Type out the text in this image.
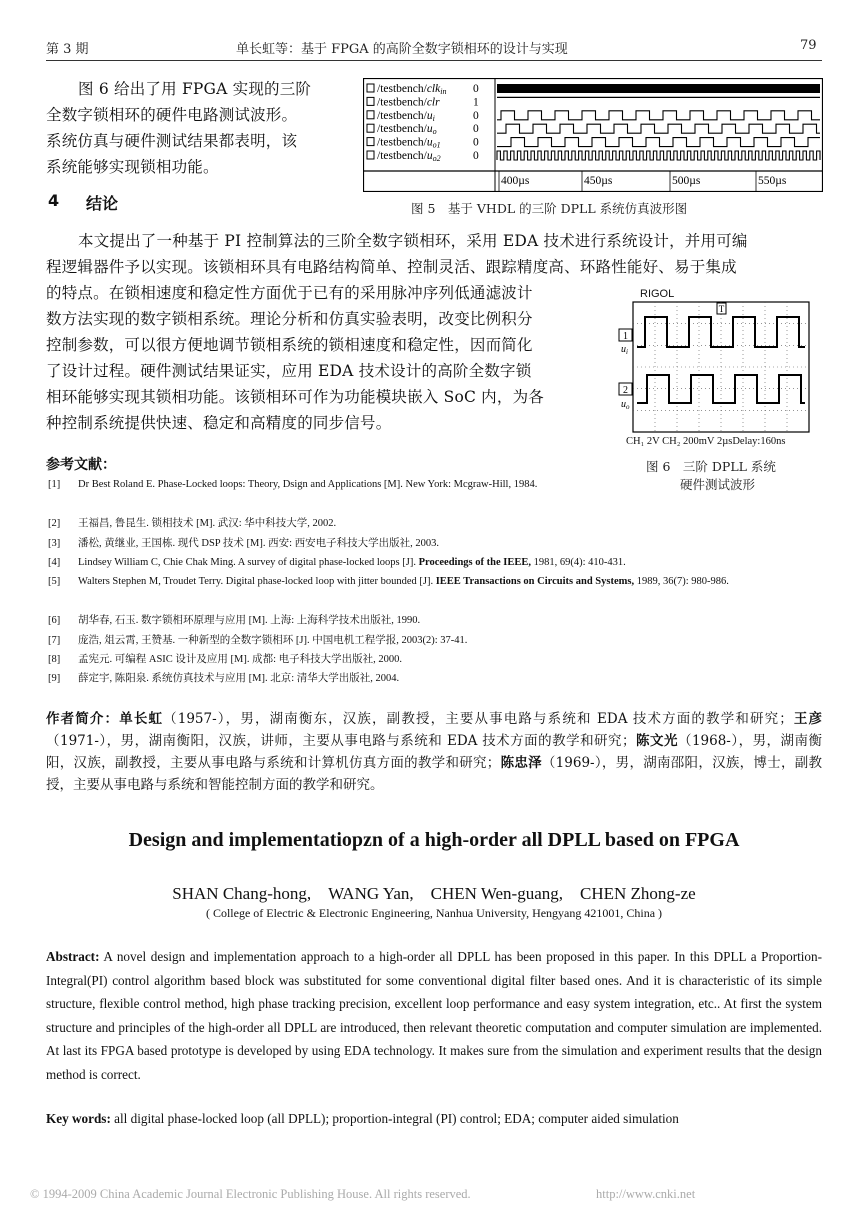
第 3 期	单长虹等：基于 FPGA 的高阶全数字锁相环的设计与实现	79
图 6 给出了用 FPGA 实现的三阶
全数字锁相环的硬件电路测试波形。
系统仿真与硬件测试结果都表明，该
系统能够实现锁相功能。
4 结论
/testbench/clkin 0
/testbench/clr	1
/testbench/ui	0
/testbench/uo	0
/testbench/uo1	0
/testbench/uo2	0
400µs	450µs	500µs	550µs
图 5　基于 VHDL 的三阶 DPLL 系统仿真波形图
本文提出了一种基于 PI 控制算法的三阶全数字锁相环，采用 EDA 技术进行系统设计，并用可编
程逻辑器件予以实现。该锁相环具有电路结构简单、控制灵活、跟踪精度高、环路性能好、易于集成
的特点。在锁相速度和稳定性方面优于已有的采用脉冲序列低通滤波计
数方法实现的数字锁相系统。理论分析和仿真实验表明，改变比例积分
控制参数，可以很方便地调节锁相系统的锁相速度和稳定性，因而简化
了设计过程。硬件测试结果证实，应用 EDA 技术设计的高阶全数字锁
相环能够实现其锁相功能。该锁相环可作为功能模块嵌入 SoC 内，为各
种控制系统提供快速、稳定和高精度的同步信号。
RIGOL
T
1
$u_i$
2
$u_o$
CH₁ 2V CH₂ 200mV 2µsDelay:160ns
图 6　三阶 DPLL 系统
硬件测试波形
参考文献：
[1] Dr Best Roland E. Phase-Locked loops: Theory, Dsign and Applications [M]. New York: Mcgraw-Hill, 1984.
[2] 王福昌, 鲁昆生. 锁相技术 [M]. 武汉: 华中科技大学, 2002.
[3] 潘松, 黄继业, 王国栋. 现代 DSP 技术 [M]. 西安: 西安电子科技大学出版社, 2003.
[4] Lindsey William C, Chie Chak Ming. A survey of digital phase-locked loops [J]. Proceedings of the IEEE, 1981, 69(4): 410-431.
[5] Walters Stephen M, Troudet Terry. Digital phase-locked loop with jitter bounded [J]. IEEE Transactions on Circuits and Systems, 1989, 36(7): 980-986.
[6] 胡华春, 石玉. 数字锁相环原理与应用 [M]. 上海: 上海科学技术出版社, 1990.
[7] 庞浩, 俎云霄, 王赞基. 一种新型的全数字锁相环 [J]. 中国电机工程学报, 2003(2): 37-41.
[8] 孟宪元. 可编程 ASIC 设计及应用 [M]. 成都: 电子科技大学出版社, 2000.
[9] 薛定宇, 陈阳泉. 系统仿真技术与应用 [M]. 北京: 清华大学出版社, 2004.
作者简介：单长虹（1957-），男，湖南衡东，汉族，副教授，主要从事电路与系统和 EDA 技术方面的教学和研究；王彦（1971-），男，湖南衡阳，汉族，讲师，主要从事电路与系统和 EDA 技术方面的教学和研究；陈文光（1968-），男，湖南衡阳，汉族，副教授，主要从事电路与系统和计算机仿真方面的教学和研究；陈忠泽（1969-），男，湖南邵阳，汉族，博士，副教授，主要从事电路与系统和智能控制方面的教学和研究。
Design and implementatiopzn of a high-order all DPLL based on FPGA
SHAN Chang-hong,　WANG Yan,　CHEN Wen-guang,　CHEN Zhong-ze
( College of Electric & Electronic Engineering, Nanhua University, Hengyang 421001, China )
Abstract: A novel design and implementation approach to a high-order all DPLL has been proposed in this paper. In this DPLL a Proportion-Integral(PI) control algorithm based block was substituted for some conventional digital filter based ones. And it is characteristic of its simple structure, flexible control method, high phase tracking precision, excellent loop performance and easy system integration, etc.. At first the system structure and principles of the high-order all DPLL are introduced, then relevant theoretic computation and computer simulation are implemented. At last its FPGA based prototype is developed by using EDA technology. It makes sure from the simulation and experiment results that the design method is correct.
Key words: all digital phase-locked loop (all DPLL); proportion-integral (PI) control; EDA; computer aided simulation
© 1994-2009 China Academic Journal Electronic Publishing House. All rights reserved.	http://www.cnki.net
